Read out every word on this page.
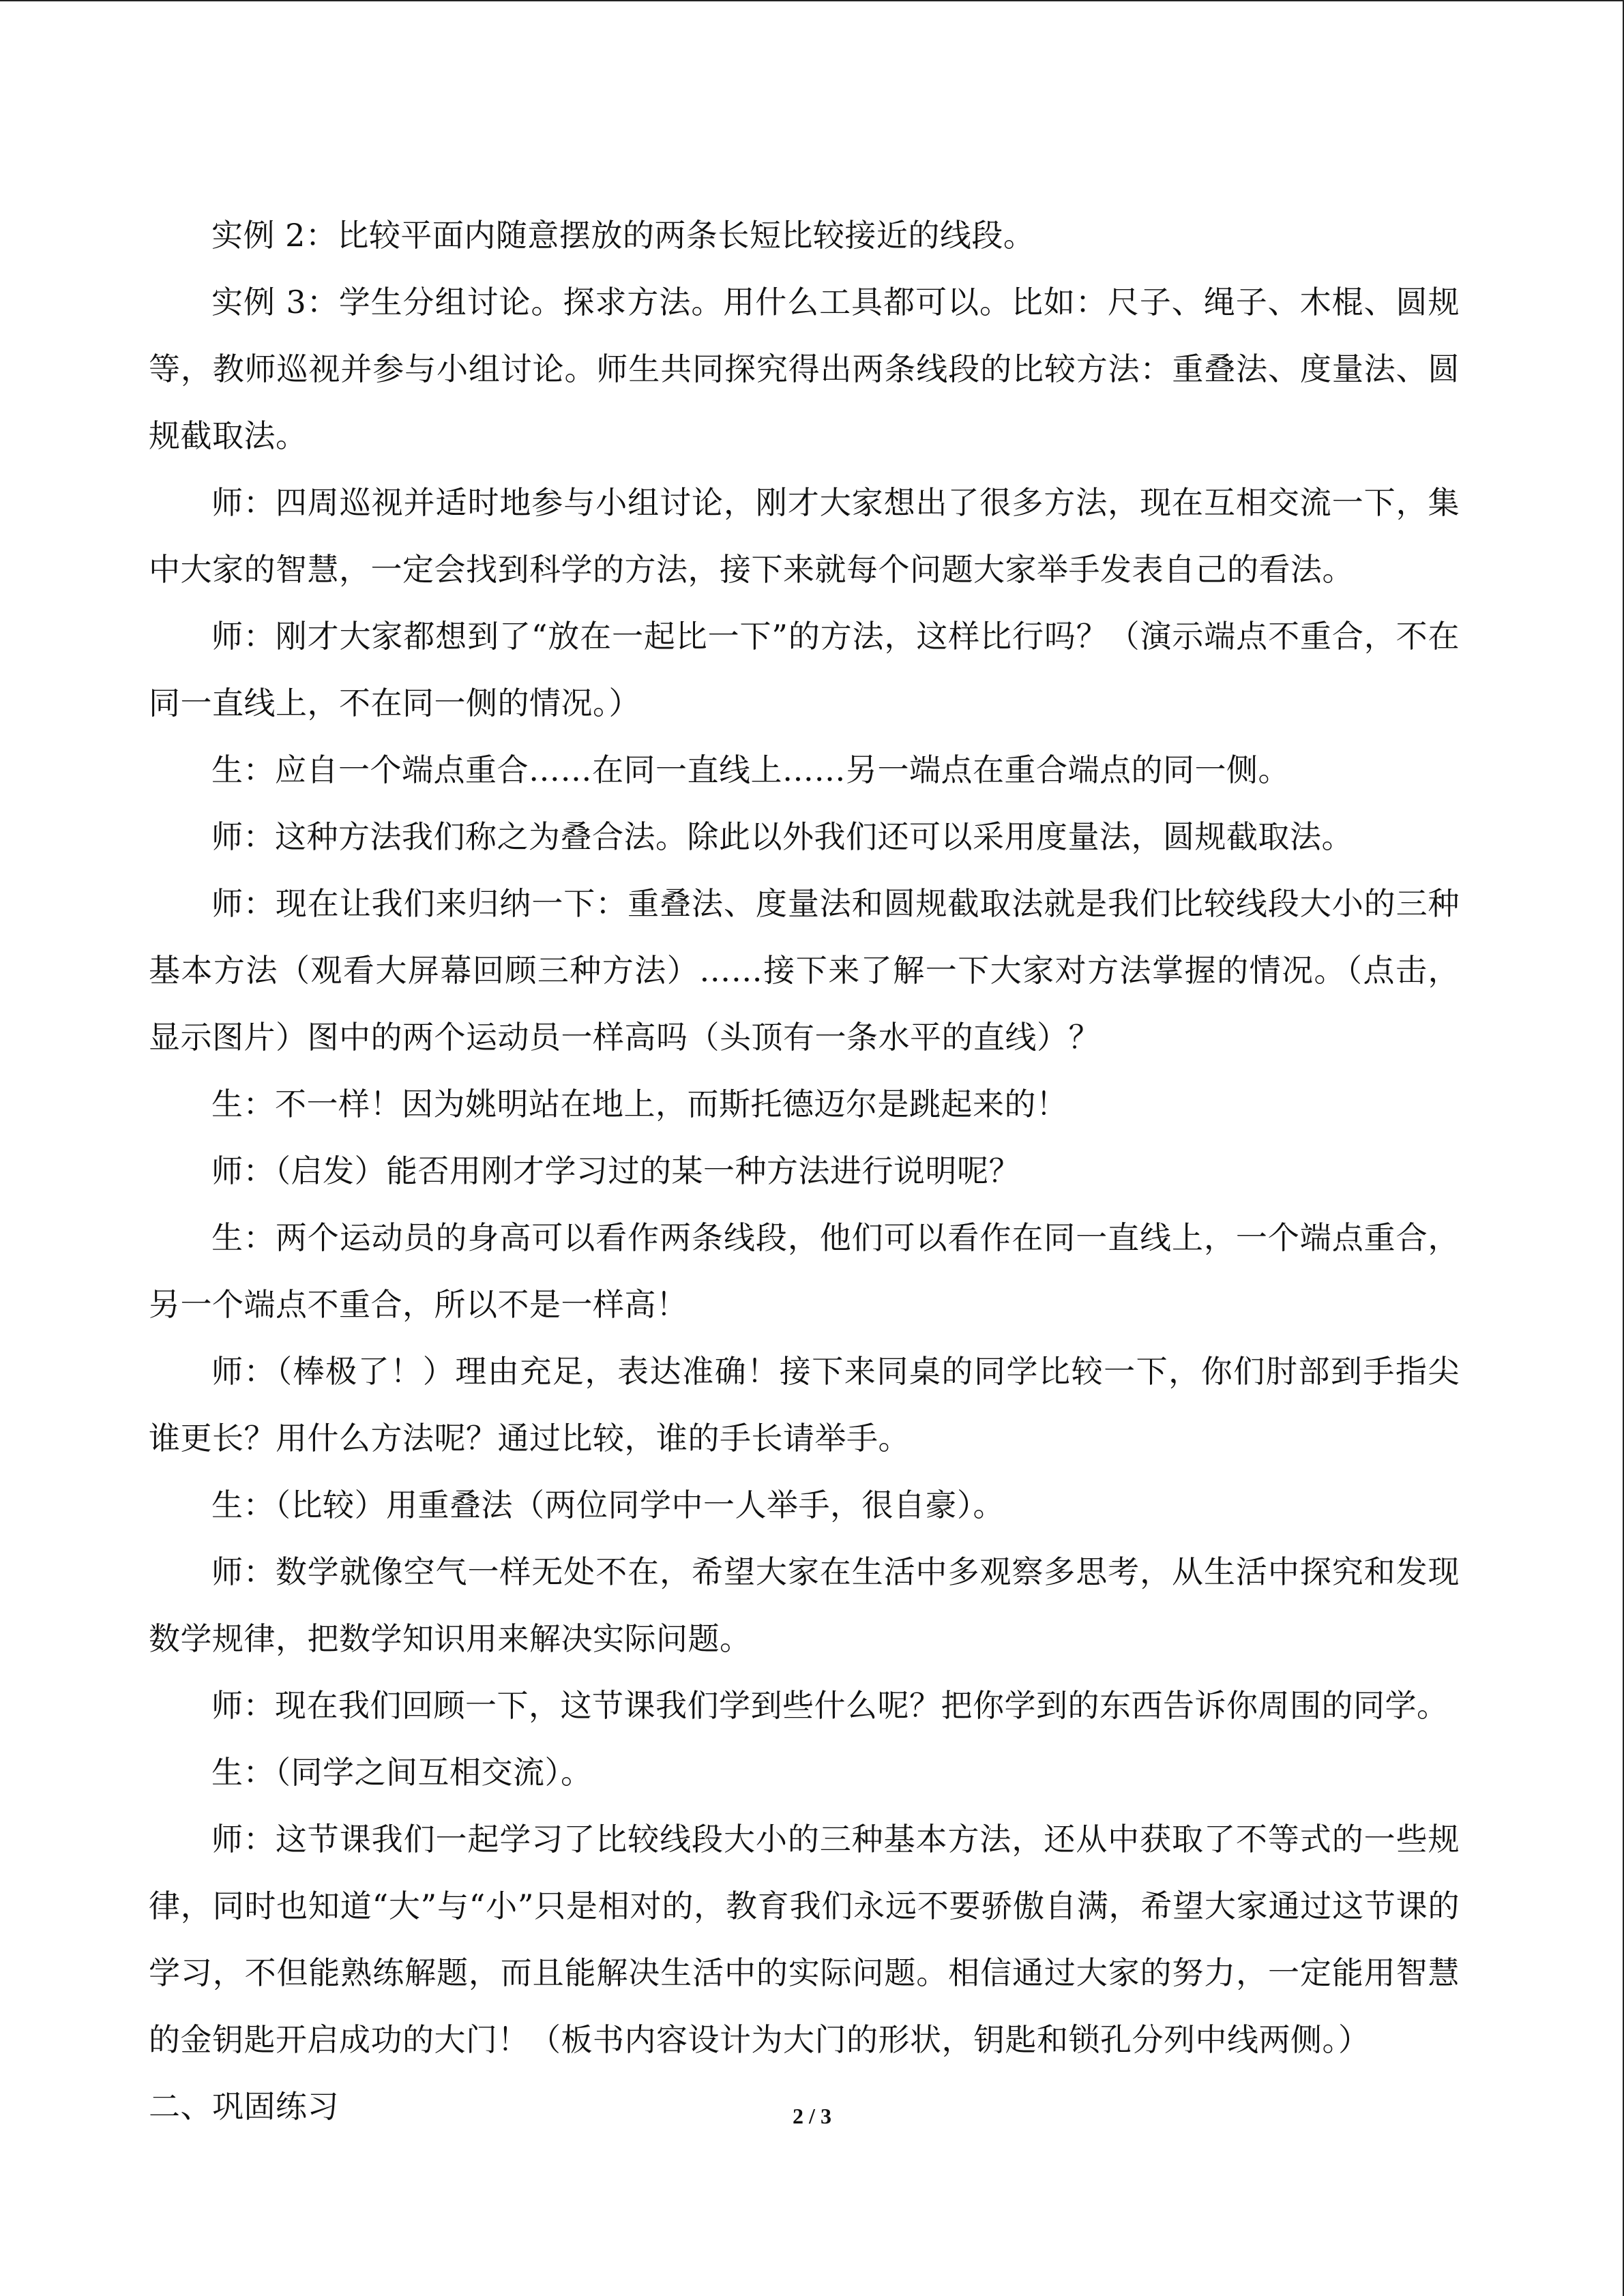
实例 2：比较平面内随意摆放的两条长短比较接近的线段。

实例 3：学生分组讨论。探求方法。用什么工具都可以。比如：尺子、绳子、木棍、圆规等，教师巡视并参与小组讨论。师生共同探究得出两条线段的比较方法：重叠法、度量法、圆规截取法。

师：四周巡视并适时地参与小组讨论，刚才大家想出了很多方法，现在互相交流一下，集中大家的智慧，一定会找到科学的方法，接下来就每个问题大家举手发表自己的看法。

师：刚才大家都想到了“放在一起比一下”的方法，这样比行吗？（演示端点不重合，不在同一直线上，不在同一侧的情况。）

生：应自一个端点重合……在同一直线上……另一端点在重合端点的同一侧。

师：这种方法我们称之为叠合法。除此以外我们还可以采用度量法，圆规截取法。

师：现在让我们来归纳一下：重叠法、度量法和圆规截取法就是我们比较线段大小的三种基本方法（观看大屏幕回顾三种方法）……接下来了解一下大家对方法掌握的情况。（点击，显示图片）图中的两个运动员一样高吗（头顶有一条水平的直线）？

生：不一样！因为姚明站在地上，而斯托德迈尔是跳起来的！

师：（启发）能否用刚才学习过的某一种方法进行说明呢？

生：两个运动员的身高可以看作两条线段，他们可以看作在同一直线上，一个端点重合，另一个端点不重合，所以不是一样高！

师：（棒极了！）理由充足，表达准确！接下来同桌的同学比较一下，你们肘部到手指尖谁更长？用什么方法呢？通过比较，谁的手长请举手。

生：（比较）用重叠法（两位同学中一人举手，很自豪）。

师：数学就像空气一样无处不在，希望大家在生活中多观察多思考，从生活中探究和发现数学规律，把数学知识用来解决实际问题。

师：现在我们回顾一下，这节课我们学到些什么呢？把你学到的东西告诉你周围的同学。

生：（同学之间互相交流）。

师：这节课我们一起学习了比较线段大小的三种基本方法，还从中获取了不等式的一些规律，同时也知道“大”与“小”只是相对的，教育我们永远不要骄傲自满，希望大家通过这节课的学习，不但能熟练解题，而且能解决生活中的实际问题。相信通过大家的努力，一定能用智慧的金钥匙开启成功的大门！（板书内容设计为大门的形状，钥匙和锁孔分列中线两侧。）

二、巩固练习	2 / 3
